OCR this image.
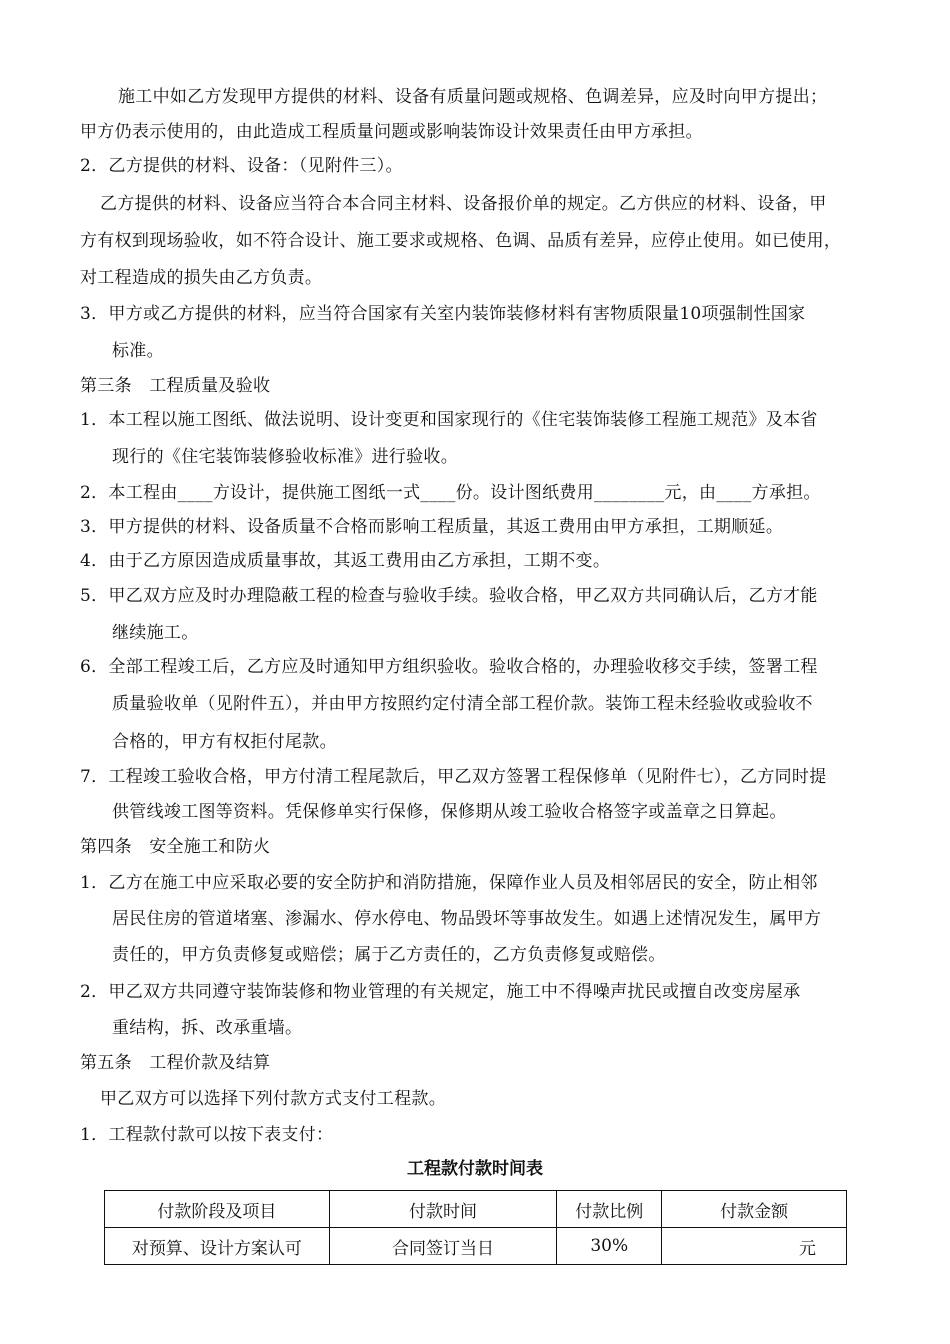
施工中如乙方发现甲方提供的材料、设备有质量问题或规格、色调差异，应及时向甲方提出；
甲方仍表示使用的，由此造成工程质量问题或影响装饰设计效果责任由甲方承担。
2．乙方提供的材料、设备：（见附件三）。
乙方提供的材料、设备应当符合本合同主材料、设备报价单的规定。乙方供应的材料、设备，甲
方有权到现场验收，如不符合设计、施工要求或规格、色调、品质有差异，应停止使用。如已使用，
对工程造成的损失由乙方负责。
3．甲方或乙方提供的材料，应当符合国家有关室内装饰装修材料有害物质限量10项强制性国家
标准。
第三条　工程质量及验收
1．本工程以施工图纸、做法说明、设计变更和国家现行的《住宅装饰装修工程施工规范》及本省
现行的《住宅装饰装修验收标准》进行验收。
2．本工程由____方设计，提供施工图纸一式____份。设计图纸费用________元，由____方承担。
3．甲方提供的材料、设备质量不合格而影响工程质量，其返工费用由甲方承担，工期顺延。
4．由于乙方原因造成质量事故，其返工费用由乙方承担，工期不变。
5．甲乙双方应及时办理隐蔽工程的检查与验收手续。验收合格，甲乙双方共同确认后，乙方才能
继续施工。
6．全部工程竣工后，乙方应及时通知甲方组织验收。验收合格的，办理验收移交手续，签署工程
质量验收单（见附件五），并由甲方按照约定付清全部工程价款。装饰工程未经验收或验收不
合格的，甲方有权拒付尾款。
7．工程竣工验收合格，甲方付清工程尾款后，甲乙双方签署工程保修单（见附件七），乙方同时提
供管线竣工图等资料。凭保修单实行保修，保修期从竣工验收合格签字或盖章之日算起。
第四条　安全施工和防火
1．乙方在施工中应采取必要的安全防护和消防措施，保障作业人员及相邻居民的安全，防止相邻
居民住房的管道堵塞、渗漏水、停水停电、物品毁坏等事故发生。如遇上述情况发生，属甲方
责任的，甲方负责修复或赔偿；属于乙方责任的，乙方负责修复或赔偿。
2．甲乙双方共同遵守装饰装修和物业管理的有关规定，施工中不得噪声扰民或擅自改变房屋承
重结构，拆、改承重墙。
第五条　工程价款及结算
甲乙双方可以选择下列付款方式支付工程款。
1．工程款付款可以按下表支付：
工程款付款时间表
付款阶段及项目	付款时间	付款比例	付款金额
对预算、设计方案认可	合同签订当日	30%	元
